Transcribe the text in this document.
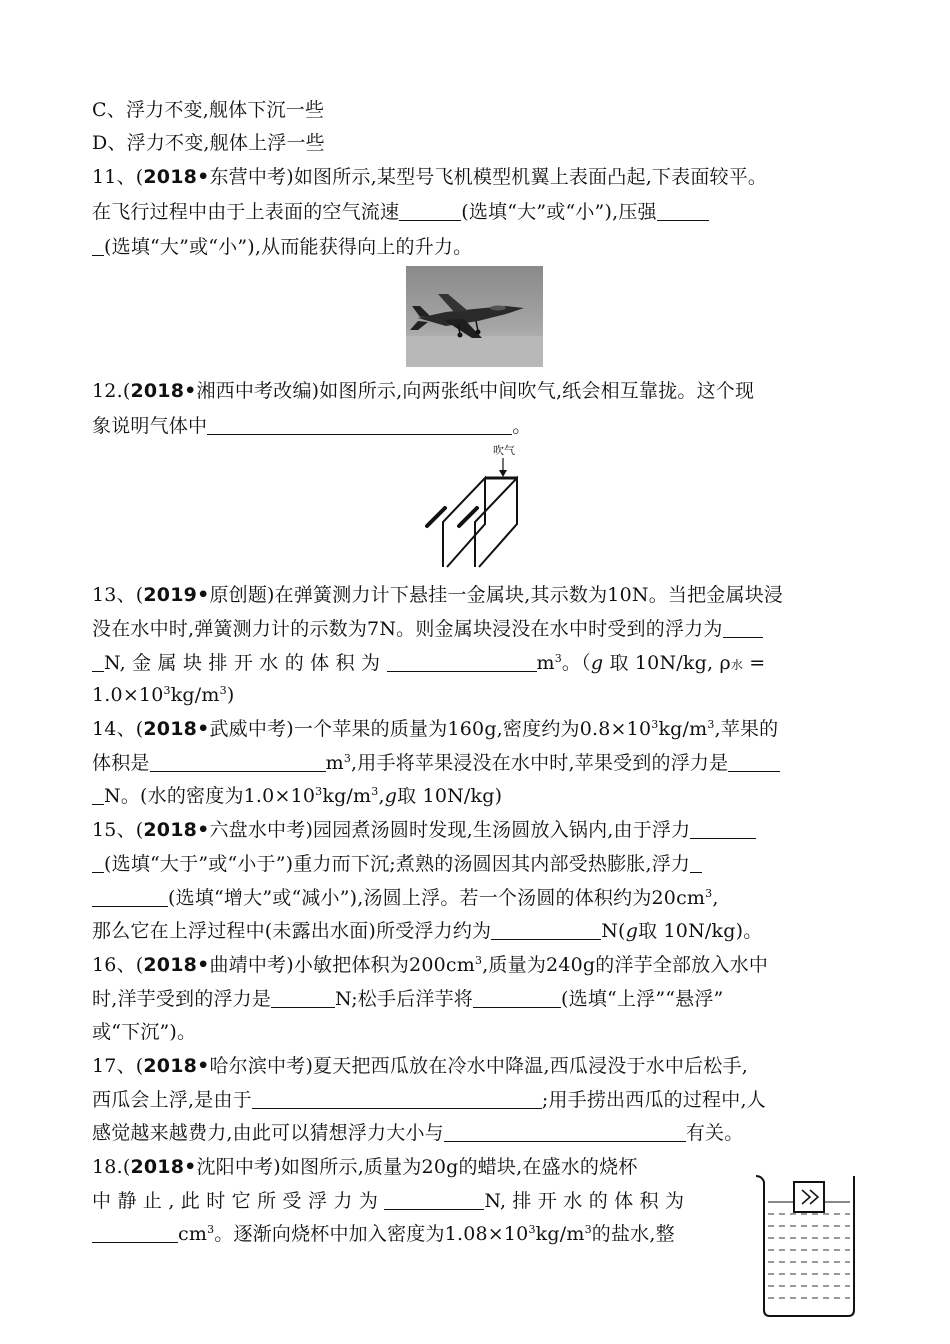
C、浮力不变,舰体下沉一些
D、浮力不变,舰体上浮一些
11、(2018•东营中考)如图所示,某型号飞机模型机翼上表面凸起,下表面较平。
在飞行过程中由于上表面的空气流速	(选填“大”或“小”),压强
(选填“大”或“小”),从而能获得向上的升力。
12.(2018•湘西中考改编)如图所示,向两张纸中间吹气,纸会相互靠拢。这个现
象说明气体中	。
吹气
13、(2019•原创题)在弹簧测力计下悬挂一金属块,其示数为10N。当把金属块浸
没在水中时,弹簧测力计的示数为7N。则金属块浸没在水中时受到的浮力为
N, 金 属 块 排 开 水 的 体 积 为	$m^3$。（g 取 10N/kg, ρ水 =
$1.0\times 10^3kg/m^3$)
14、(2018•武威中考)一个苹果的质量为160g,密度约为$0.8\times 10^3kg/m^3$,苹果的
体积是	$m^3$,用手将苹果浸没在水中时,苹果受到的浮力是
N。(水的密度为$1.0\times 10^3kg/m^3,g$取 10N/kg)
15、(2018•六盘水中考)园园煮汤圆时发现,生汤圆放入锅内,由于浮力
(选填“大于”或“小于”)重力而下沉;煮熟的汤圆因其内部受热膨胀,浮力
(选填“增大”或“减小”),汤圆上浮。若一个汤圆的体积约为$20cm^3$,
那么它在上浮过程中(未露出水面)所受浮力约为	N(g取 10N/kg)。
16、(2018•曲靖中考)小敏把体积为$200cm^3$,质量为240g的洋芋全部放入水中
时,洋芋受到的浮力是	N;松手后洋芋将	(选填“上浮”“悬浮”
或“下沉”)。
17、(2018•哈尔滨中考)夏天把西瓜放在冷水中降温,西瓜浸没于水中后松手,
西瓜会上浮,是由于	;用手捞出西瓜的过程中,人
感觉越来越费力,由此可以猜想浮力大小与	有关。
18.(2018•沈阳中考)如图所示,质量为20g的蜡块,在盛水的烧杯
中 静 止 , 此 时 它 所 受 浮 力 为	N, 排 开 水 的 体 积 为
$cm^3$。逐渐向烧杯中加入密度为$1.08\times 10^3kg/m^3$的盐水,整
